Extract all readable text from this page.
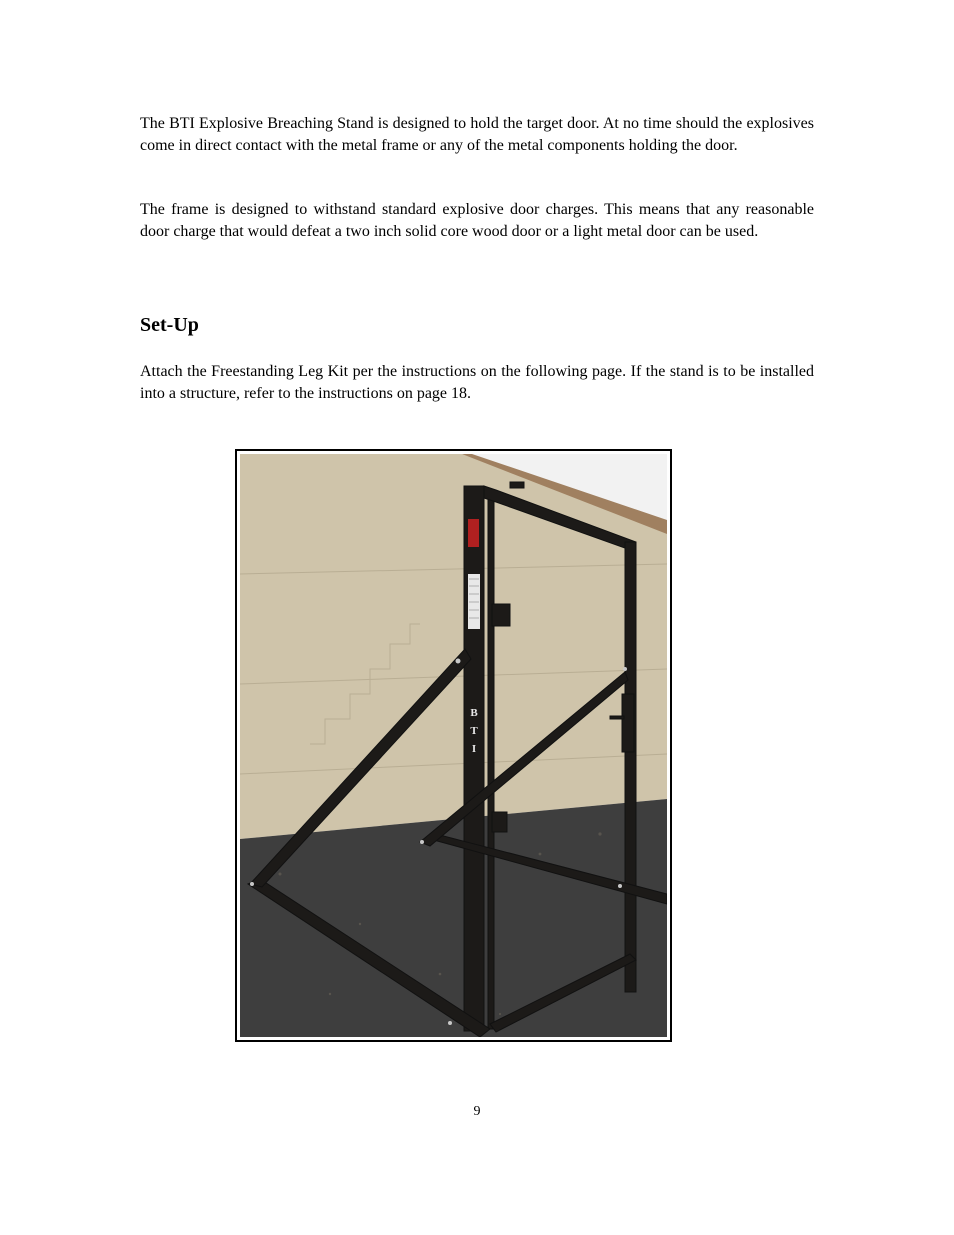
The BTI Explosive Breaching Stand is designed to hold the target door. At no time should the explosives come in direct contact with the metal frame or any of the metal components holding the door.

The frame is designed to withstand standard explosive door charges. This means that any reasonable door charge that would defeat a two inch solid core wood door or a light metal door can be used.

Set-Up

Attach the Freestanding Leg Kit per the instructions on the following page. If the stand is to be installed into a structure, refer to the instructions on page 18.

B
T
I
9
